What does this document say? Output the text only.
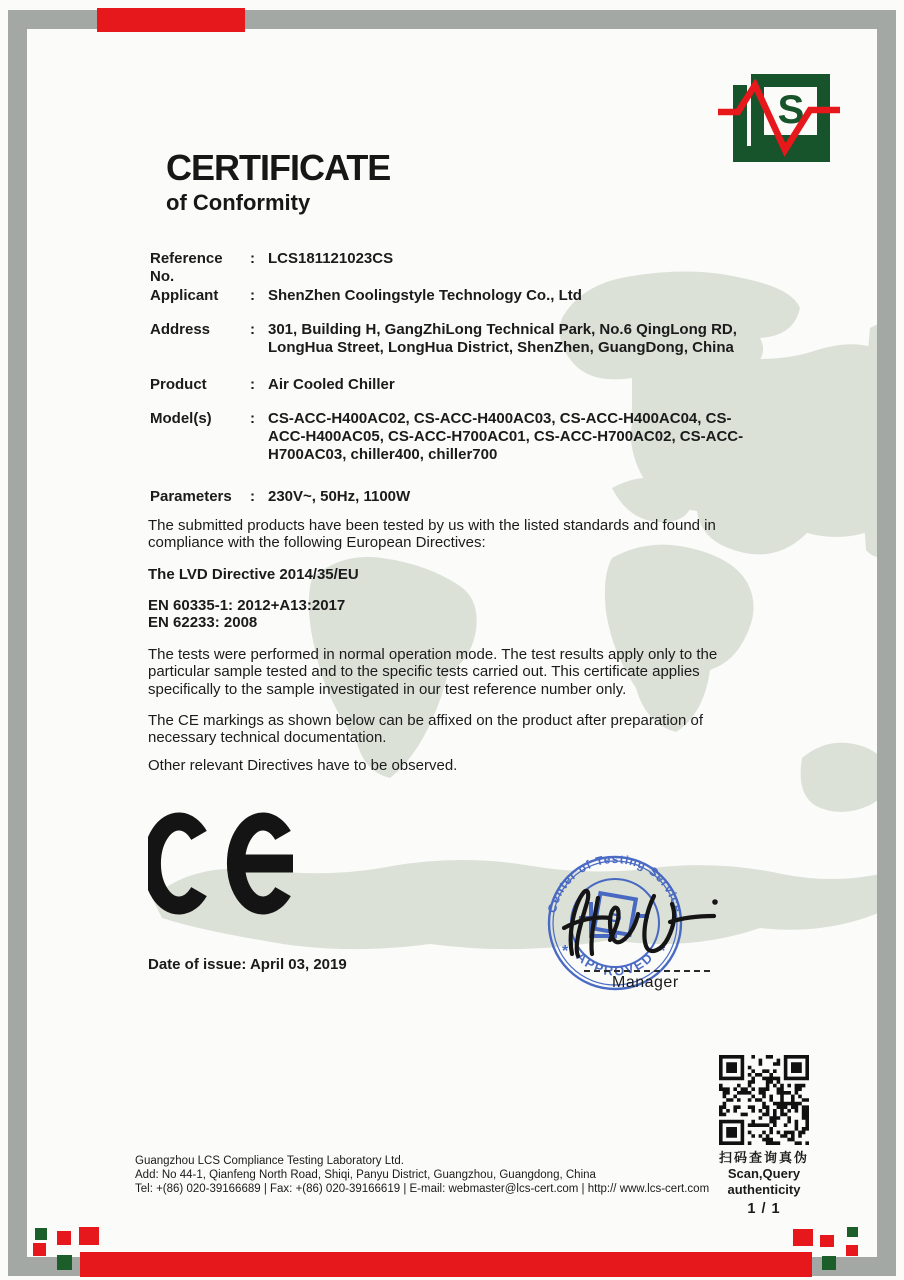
S
CERTIFICATE
of Conformity
Reference No.
: LCS181121023CS
Applicant	: ShenZhen Coolingstyle Technology Co., Ltd
Address	: 301, Building H, GangZhiLong Technical Park, No.6 QingLong RD, LongHua Street, LongHua District, ShenZhen, GuangDong, China
Product	: Air Cooled Chiller
Model(s)	: CS-ACC-H400AC02, CS-ACC-H400AC03, CS-ACC-H400AC04, CS-ACC-H400AC05, CS-ACC-H700AC01, CS-ACC-H700AC02, CS-ACC-H700AC03, chiller400, chiller700
Parameters	: 230V~, 50Hz, 1100W
The submitted products have been tested by us with the listed standards and found in compliance with the following European Directives:
The LVD Directive 2014/35/EU
EN 60335-1: 2012+A13:2017
EN 62233: 2008
The tests were performed in normal operation mode. The test results apply only to the particular sample tested and to the specific tests carried out. This certificate applies specifically to the sample investigated in our test reference number only.
The CE markings as shown below can be affixed on the product after preparation of necessary technical documentation.
Other relevant Directives have to be observed.
Date of issue: April 03, 2019
Center of Testing Service
APPROVED
*	*
S
Manager
扫码查询真伪
Scan,Query authenticity
1 / 1
Guangzhou LCS Compliance Testing Laboratory Ltd.
Add: No 44-1, Qianfeng North Road, Shiqi, Panyu District, Guangzhou, Guangdong, China
Tel: +(86) 020-39166689 | Fax: +(86) 020-39166619 | E-mail: webmaster@lcs-cert.com | http:// www.lcs-cert.com
